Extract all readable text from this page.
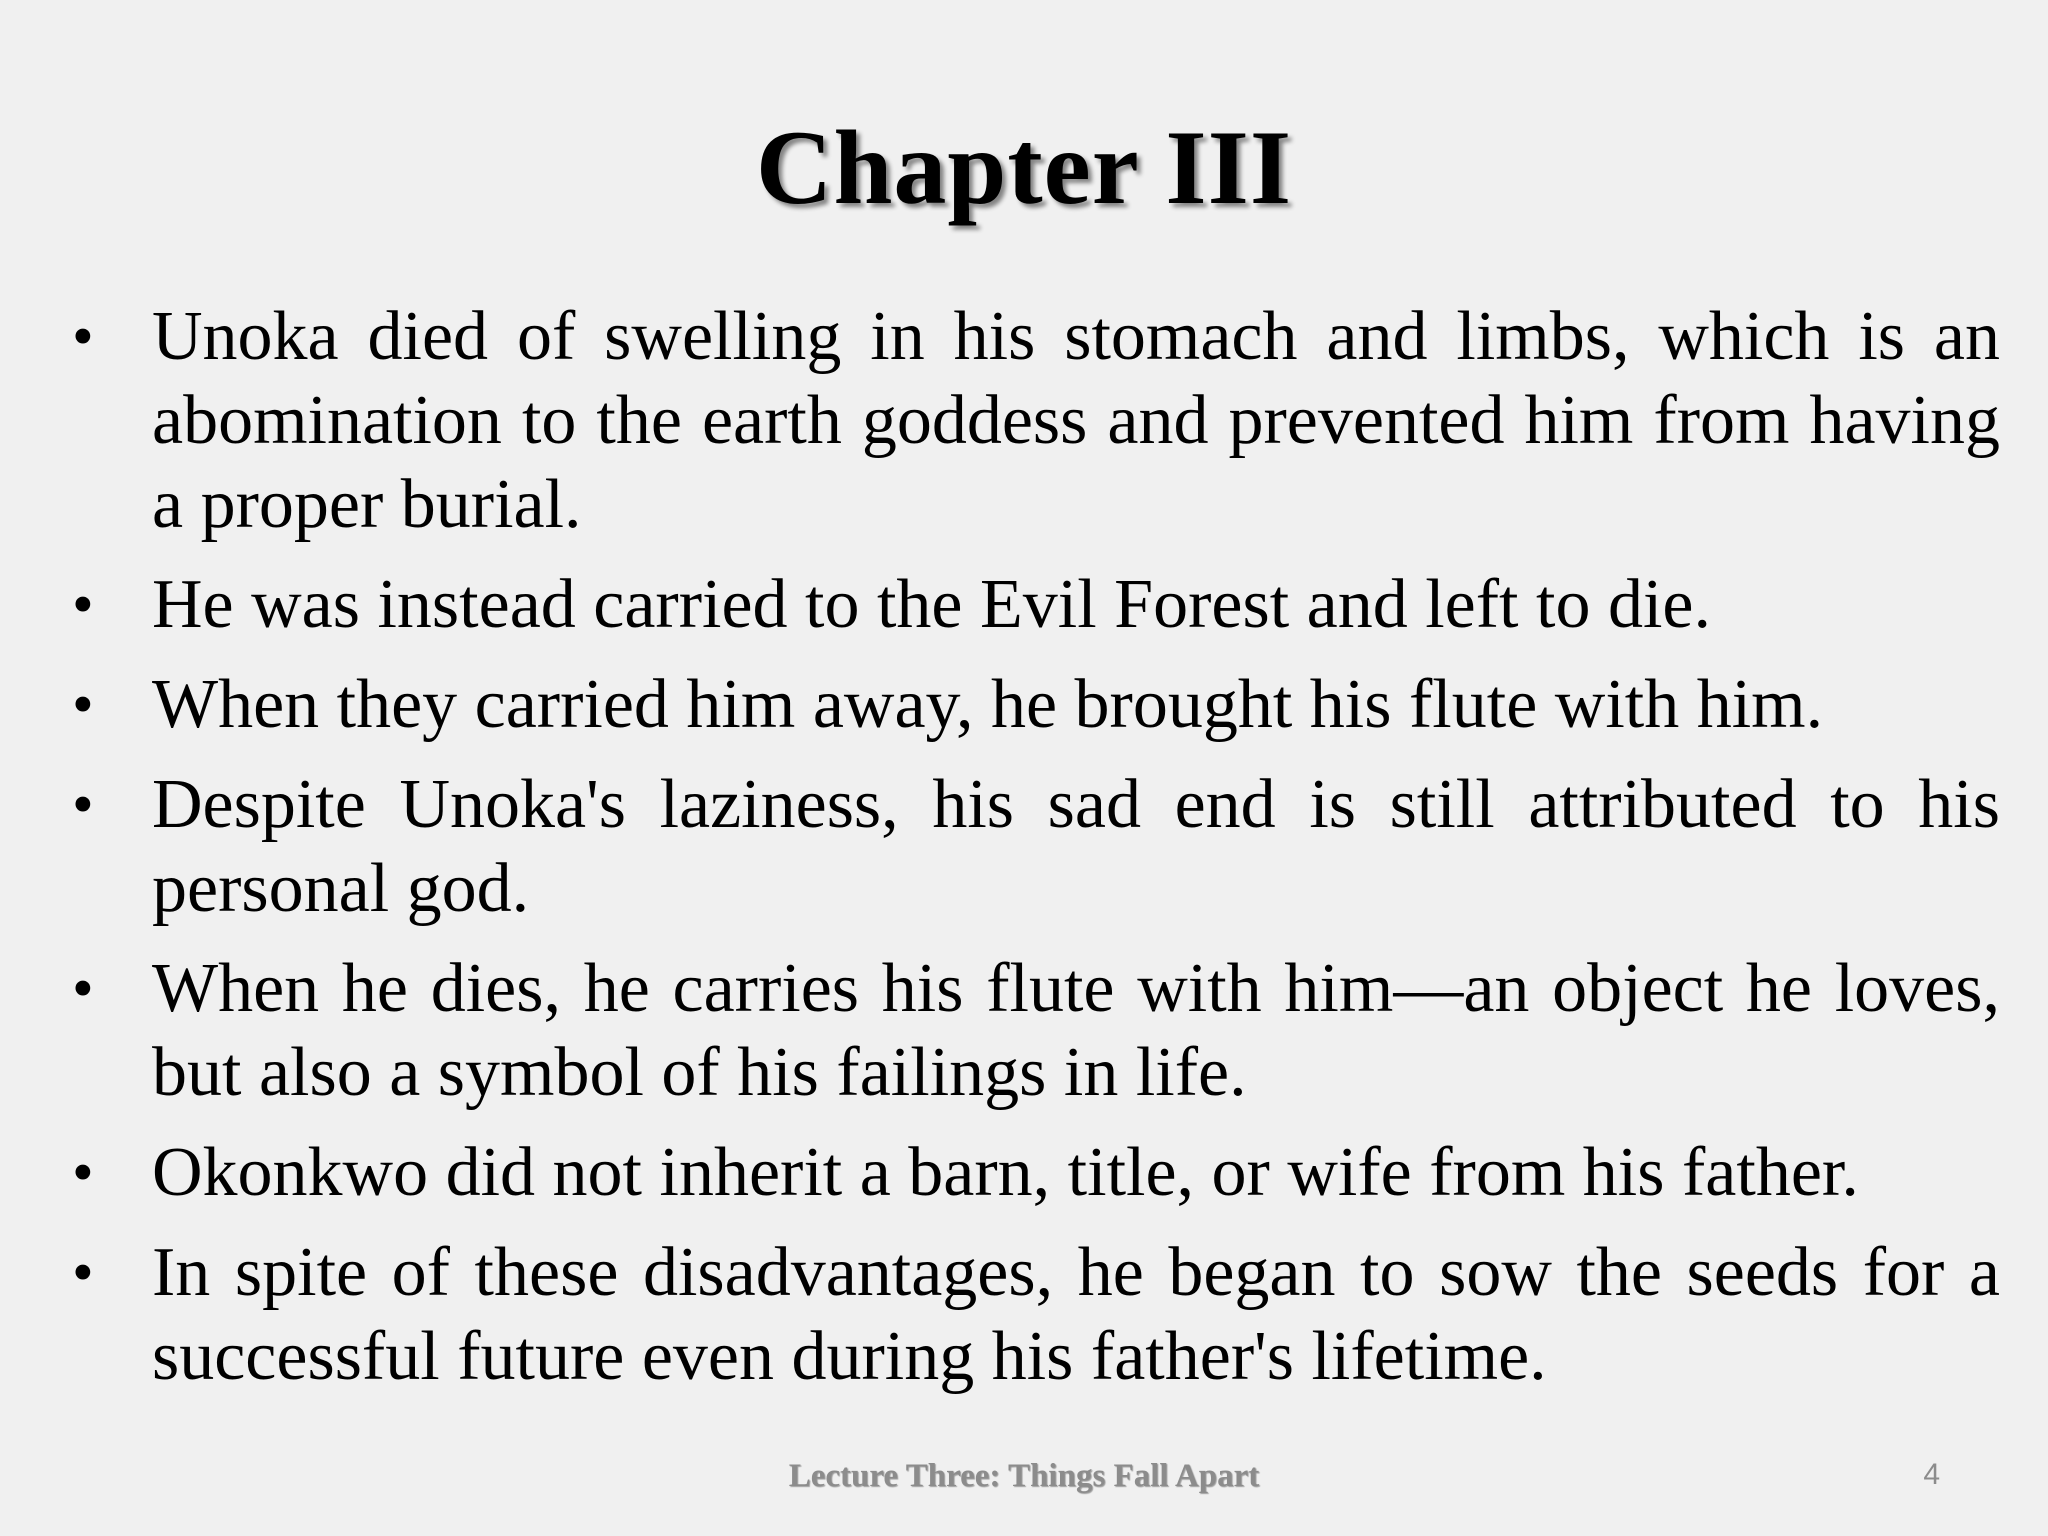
Chapter III
• Unoka died of swelling in his stomach and limbs, which is an abomination to the earth goddess and prevented him from having a proper burial.
• He was instead carried to the Evil Forest and left to die.
• When they carried him away, he brought his flute with him.
• Despite Unoka's laziness, his sad end is still attributed to his personal god.
• When he dies, he carries his flute with him—an object he loves, but also a symbol of his failings in life.
• Okonkwo did not inherit a barn, title, or wife from his father.
• In spite of these disadvantages, he began to sow the seeds for a successful future even during his father's lifetime.
Lecture Three: Things Fall Apart	4
